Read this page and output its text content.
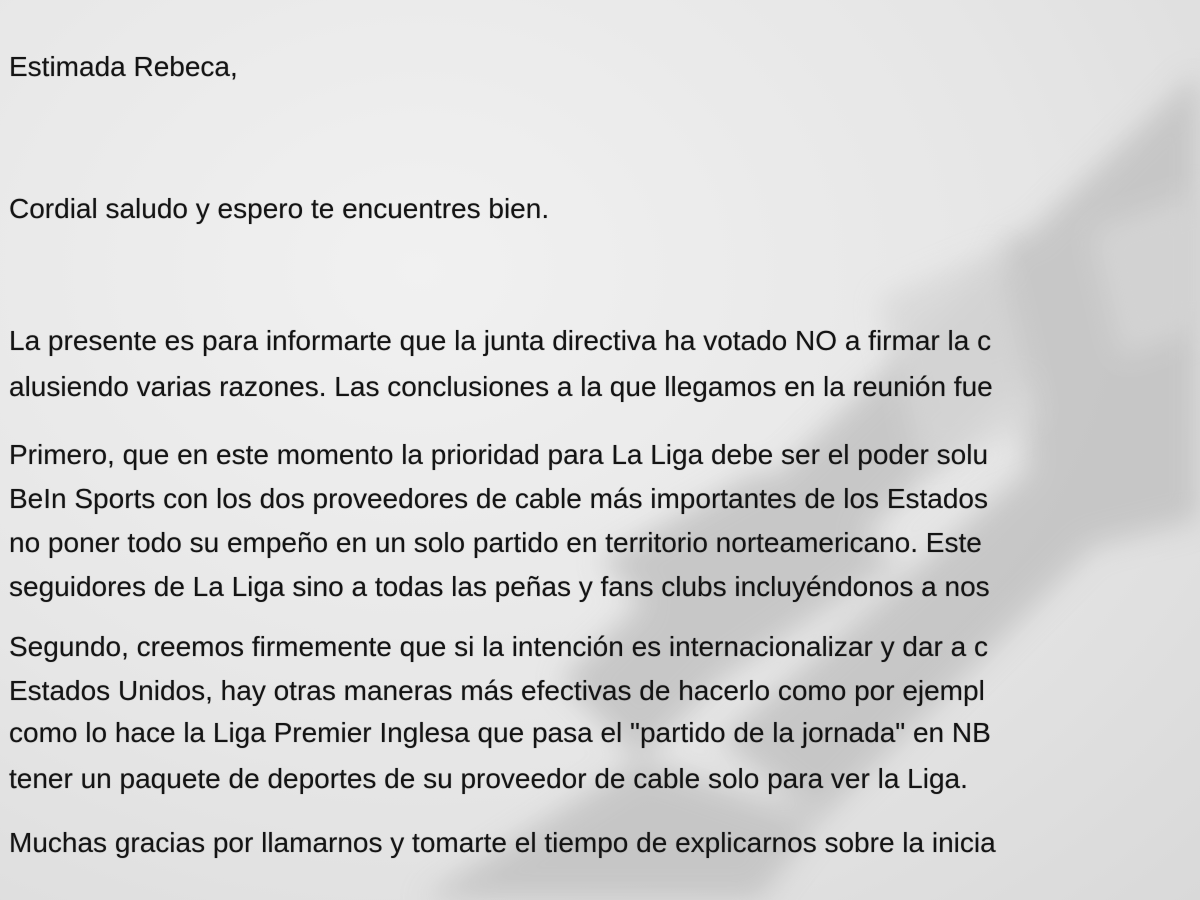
Estimada Rebeca,

Cordial saludo y espero te encuentres bien.

La presente es para informarte que la junta directiva ha votado NO a firmar la c

alusiendo varias razones. Las conclusiones a la que llegamos en la reunión fue

Primero, que en este momento la prioridad para La Liga debe ser el poder solu

BeIn Sports con los dos proveedores de cable más importantes de los Estados

no poner todo su empeño en un solo partido en territorio norteamericano. Este

seguidores de La Liga sino a todas las peñas y fans clubs incluyéndonos a nos

Segundo, creemos firmemente que si la intención es internacionalizar y dar a c

Estados Unidos, hay otras maneras más efectivas de hacerlo como por ejempl

como lo hace la Liga Premier Inglesa que pasa el "partido de la jornada" en NB

tener un paquete de deportes de su proveedor de cable solo para ver la Liga.

Muchas gracias por llamarnos y tomarte el tiempo de explicarnos sobre la inicia
